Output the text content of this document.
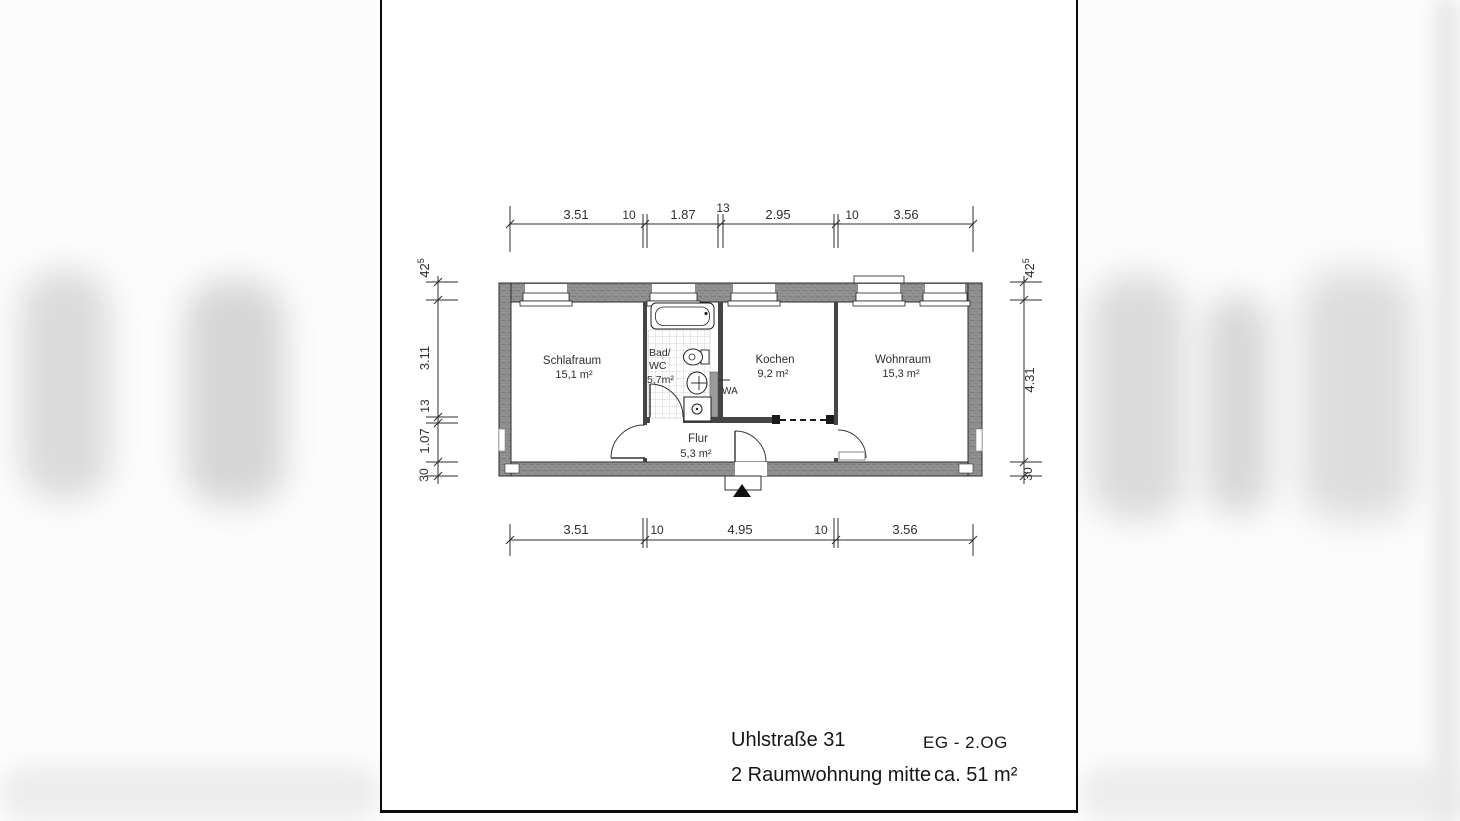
3.51	10	1.87 13	2.95	10	3.56
3.51	10	4.95	10	3.56
$42^5$
3.11
13
1.07
30
$42^5$
4.31
30
Schlafraum
15,1 m²
Kochen
9,2 m²
Wohnraum
15,3 m²
Flur
5,3 m²
Bad/
WC
5,7m²
WA
Uhlstraße 31	EG - 2.OG
2 Raumwohnung mitte ca. 51 m²
